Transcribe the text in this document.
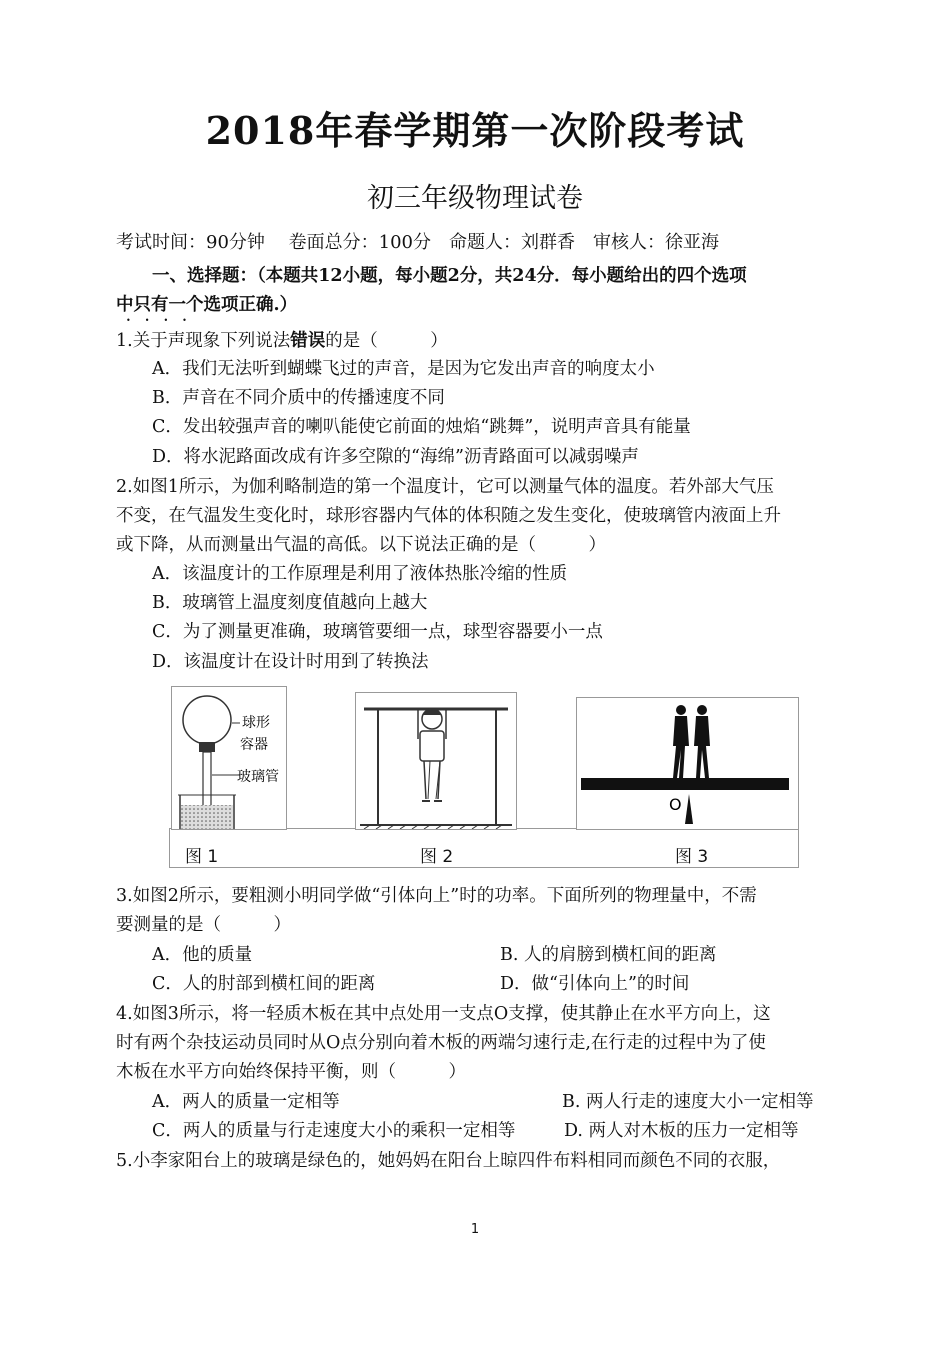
2018年春学期第一次阶段考试
初三年级物理试卷
考试时间：90分钟　 卷面总分：100分　命题人：刘群香　审核人：徐亚海
一、选择题：（本题共12小题，每小题2分，共24分．每小题给出的四个选项
中只有一个选项正确.）
••••
1.关于声现象下列说法错误的是（　　　）
A．我们无法听到蝴蝶飞过的声音，是因为它发出声音的响度太小
B．声音在不同介质中的传播速度不同
C．发出较强声音的喇叭能使它前面的烛焰“跳舞”，说明声音具有能量
D．将水泥路面改成有许多空隙的“海绵”沥青路面可以减弱噪声
2.如图1所示，为伽利略制造的第一个温度计，它可以测量气体的温度。若外部大气压
不变，在气温发生变化时，球形容器内气体的体积随之发生变化，使玻璃管内液面上升
或下降，从而测量出气温的高低。以下说法正确的是（　　　）
A．该温度计的工作原理是利用了液体热胀冷缩的性质
B．玻璃管上温度刻度值越向上越大
C．为了测量更准确，玻璃管要细一点，球型容器要小一点
D．该温度计在设计时用到了转换法
球形
容器
玻璃管
O
图 1	图 2	图 3
3.如图2所示，要粗测小明同学做“引体向上”时的功率。下面所列的物理量中，不需
要测量的是（　　　）
A．他的质量	B. 人的肩膀到横杠间的距离
C．人的肘部到横杠间的距离	D．做“引体向上”的时间
4.如图3所示，将一轻质木板在其中点处用一支点O支撑，使其静止在水平方向上，这
时有两个杂技运动员同时从O点分别向着木板的两端匀速行走,在行走的过程中为了使
木板在水平方向始终保持平衡，则（　　　）
A．两人的质量一定相等	B. 两人行走的速度大小一定相等
C．两人的质量与行走速度大小的乘积一定相等	D. 两人对木板的压力一定相等
5.小李家阳台上的玻璃是绿色的，她妈妈在阳台上晾四件布料相同而颜色不同的衣服，
1
